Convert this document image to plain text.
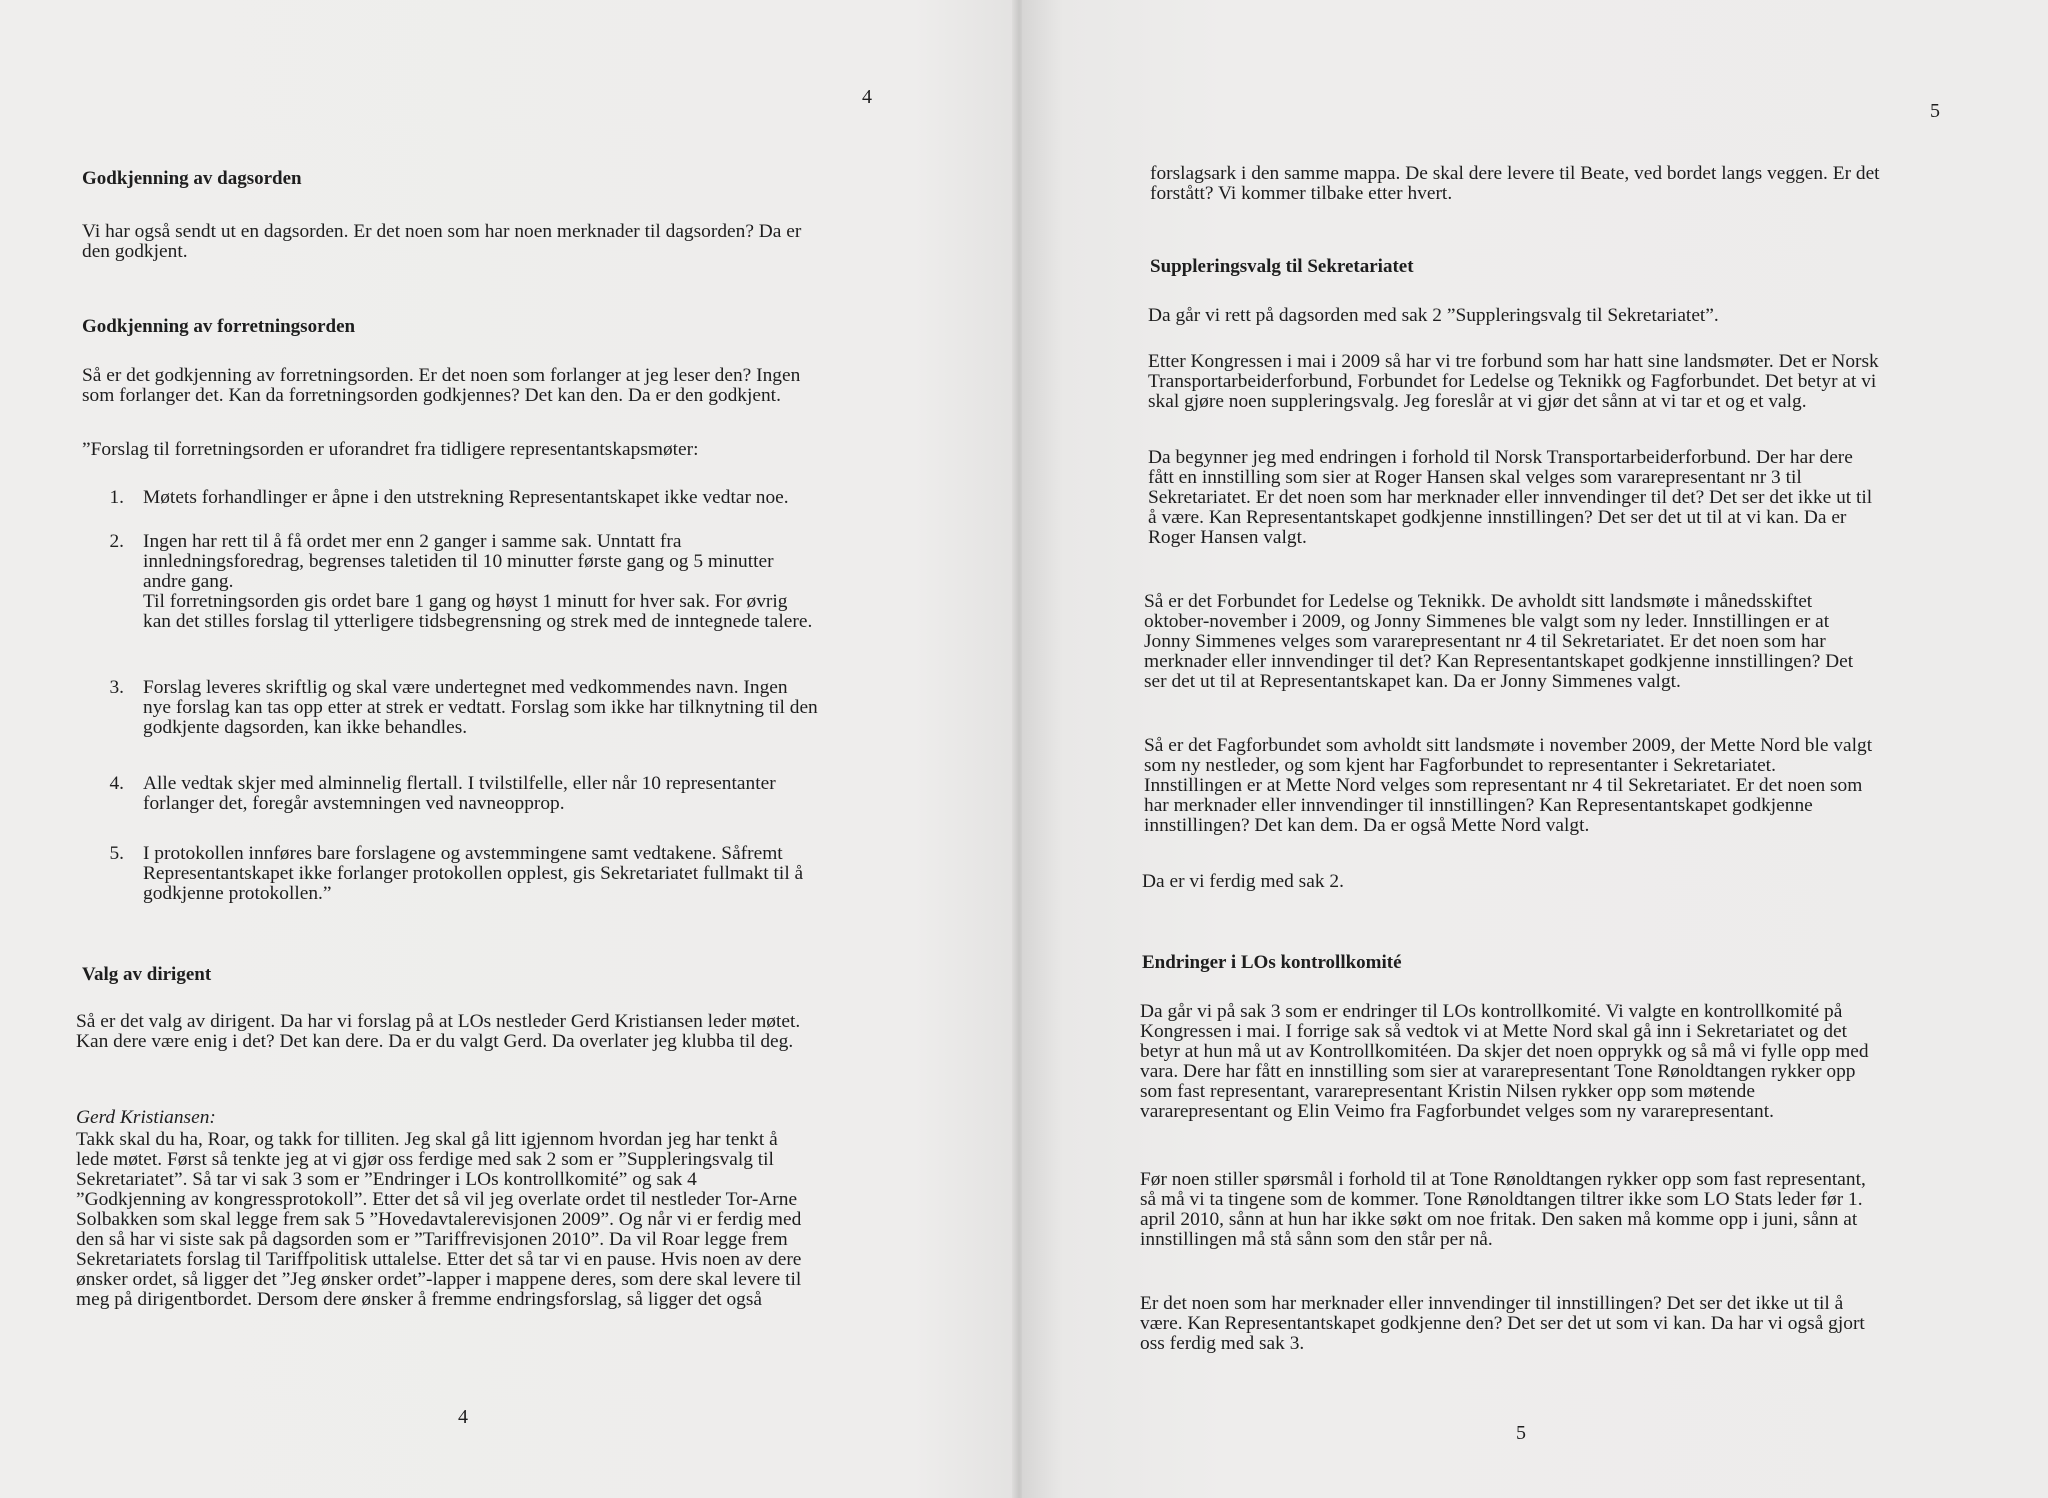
4
Godkjenning av dagsorden
Vi har også sendt ut en dagsorden. Er det noen som har noen merknader til dagsorden? Da er
den godkjent.
Godkjenning av forretningsorden
Så er det godkjenning av forretningsorden. Er det noen som forlanger at jeg leser den? Ingen
som forlanger det. Kan da forretningsorden godkjennes? Det kan den. Da er den godkjent.
”Forslag til forretningsorden er uforandret fra tidligere representantskapsmøter:
1. Møtets forhandlinger er åpne i den utstrekning Representantskapet ikke vedtar noe.
2. Ingen har rett til å få ordet mer enn 2 ganger i samme sak. Unntatt fra
innledningsforedrag, begrenses taletiden til 10 minutter første gang og 5 minutter
andre gang.
Til forretningsorden gis ordet bare 1 gang og høyst 1 minutt for hver sak. For øvrig
kan det stilles forslag til ytterligere tidsbegrensning og strek med de inntegnede talere.
3. Forslag leveres skriftlig og skal være undertegnet med vedkommendes navn. Ingen
nye forslag kan tas opp etter at strek er vedtatt. Forslag som ikke har tilknytning til den
godkjente dagsorden, kan ikke behandles.
4. Alle vedtak skjer med alminnelig flertall. I tvilstilfelle, eller når 10 representanter
forlanger det, foregår avstemningen ved navneopprop.
5. I protokollen innføres bare forslagene og avstemmingene samt vedtakene. Såfremt
Representantskapet ikke forlanger protokollen opplest, gis Sekretariatet fullmakt til å
godkjenne protokollen.”
Valg av dirigent
Så er det valg av dirigent. Da har vi forslag på at LOs nestleder Gerd Kristiansen leder møtet.
Kan dere være enig i det? Det kan dere. Da er du valgt Gerd. Da overlater jeg klubba til deg.
Gerd Kristiansen:
Takk skal du ha, Roar, og takk for tilliten. Jeg skal gå litt igjennom hvordan jeg har tenkt å
lede møtet. Først så tenkte jeg at vi gjør oss ferdige med sak 2 som er ”Suppleringsvalg til
Sekretariatet”. Så tar vi sak 3 som er ”Endringer i LOs kontrollkomité” og sak 4
”Godkjenning av kongressprotokoll”. Etter det så vil jeg overlate ordet til nestleder Tor-Arne
Solbakken som skal legge frem sak 5 ”Hovedavtalerevisjonen 2009”. Og når vi er ferdig med
den så har vi siste sak på dagsorden som er ”Tariffrevisjonen 2010”. Da vil Roar legge frem
Sekretariatets forslag til Tariffpolitisk uttalelse. Etter det så tar vi en pause. Hvis noen av dere
ønsker ordet, så ligger det ”Jeg ønsker ordet”-lapper i mappene deres, som dere skal levere til
meg på dirigentbordet. Dersom dere ønsker å fremme endringsforslag, så ligger det også
4
5
forslagsark i den samme mappa. De skal dere levere til Beate, ved bordet langs veggen. Er det
forstått? Vi kommer tilbake etter hvert.
Suppleringsvalg til Sekretariatet
Da går vi rett på dagsorden med sak 2 ”Suppleringsvalg til Sekretariatet”.
Etter Kongressen i mai i 2009 så har vi tre forbund som har hatt sine landsmøter. Det er Norsk
Transportarbeiderforbund, Forbundet for Ledelse og Teknikk og Fagforbundet. Det betyr at vi
skal gjøre noen suppleringsvalg. Jeg foreslår at vi gjør det sånn at vi tar et og et valg.
Da begynner jeg med endringen i forhold til Norsk Transportarbeiderforbund. Der har dere
fått en innstilling som sier at Roger Hansen skal velges som vararepresentant nr 3 til
Sekretariatet. Er det noen som har merknader eller innvendinger til det? Det ser det ikke ut til
å være. Kan Representantskapet godkjenne innstillingen? Det ser det ut til at vi kan. Da er
Roger Hansen valgt.
Så er det Forbundet for Ledelse og Teknikk. De avholdt sitt landsmøte i månedsskiftet
oktober-november i 2009, og Jonny Simmenes ble valgt som ny leder. Innstillingen er at
Jonny Simmenes velges som vararepresentant nr 4 til Sekretariatet. Er det noen som har
merknader eller innvendinger til det? Kan Representantskapet godkjenne innstillingen? Det
ser det ut til at Representantskapet kan. Da er Jonny Simmenes valgt.
Så er det Fagforbundet som avholdt sitt landsmøte i november 2009, der Mette Nord ble valgt
som ny nestleder, og som kjent har Fagforbundet to representanter i Sekretariatet.
Innstillingen er at Mette Nord velges som representant nr 4 til Sekretariatet. Er det noen som
har merknader eller innvendinger til innstillingen? Kan Representantskapet godkjenne
innstillingen? Det kan dem. Da er også Mette Nord valgt.
Da er vi ferdig med sak 2.
Endringer i LOs kontrollkomité
Da går vi på sak 3 som er endringer til LOs kontrollkomité. Vi valgte en kontrollkomité på
Kongressen i mai. I forrige sak så vedtok vi at Mette Nord skal gå inn i Sekretariatet og det
betyr at hun må ut av Kontrollkomitéen. Da skjer det noen opprykk og så må vi fylle opp med
vara. Dere har fått en innstilling som sier at vararepresentant Tone Rønoldtangen rykker opp
som fast representant, vararepresentant Kristin Nilsen rykker opp som møtende
vararepresentant og Elin Veimo fra Fagforbundet velges som ny vararepresentant.
Før noen stiller spørsmål i forhold til at Tone Rønoldtangen rykker opp som fast representant,
så må vi ta tingene som de kommer. Tone Rønoldtangen tiltrer ikke som LO Stats leder før 1.
april 2010, sånn at hun har ikke søkt om noe fritak. Den saken må komme opp i juni, sånn at
innstillingen må stå sånn som den står per nå.
Er det noen som har merknader eller innvendinger til innstillingen? Det ser det ikke ut til å
være. Kan Representantskapet godkjenne den? Det ser det ut som vi kan. Da har vi også gjort
oss ferdig med sak 3.
5
